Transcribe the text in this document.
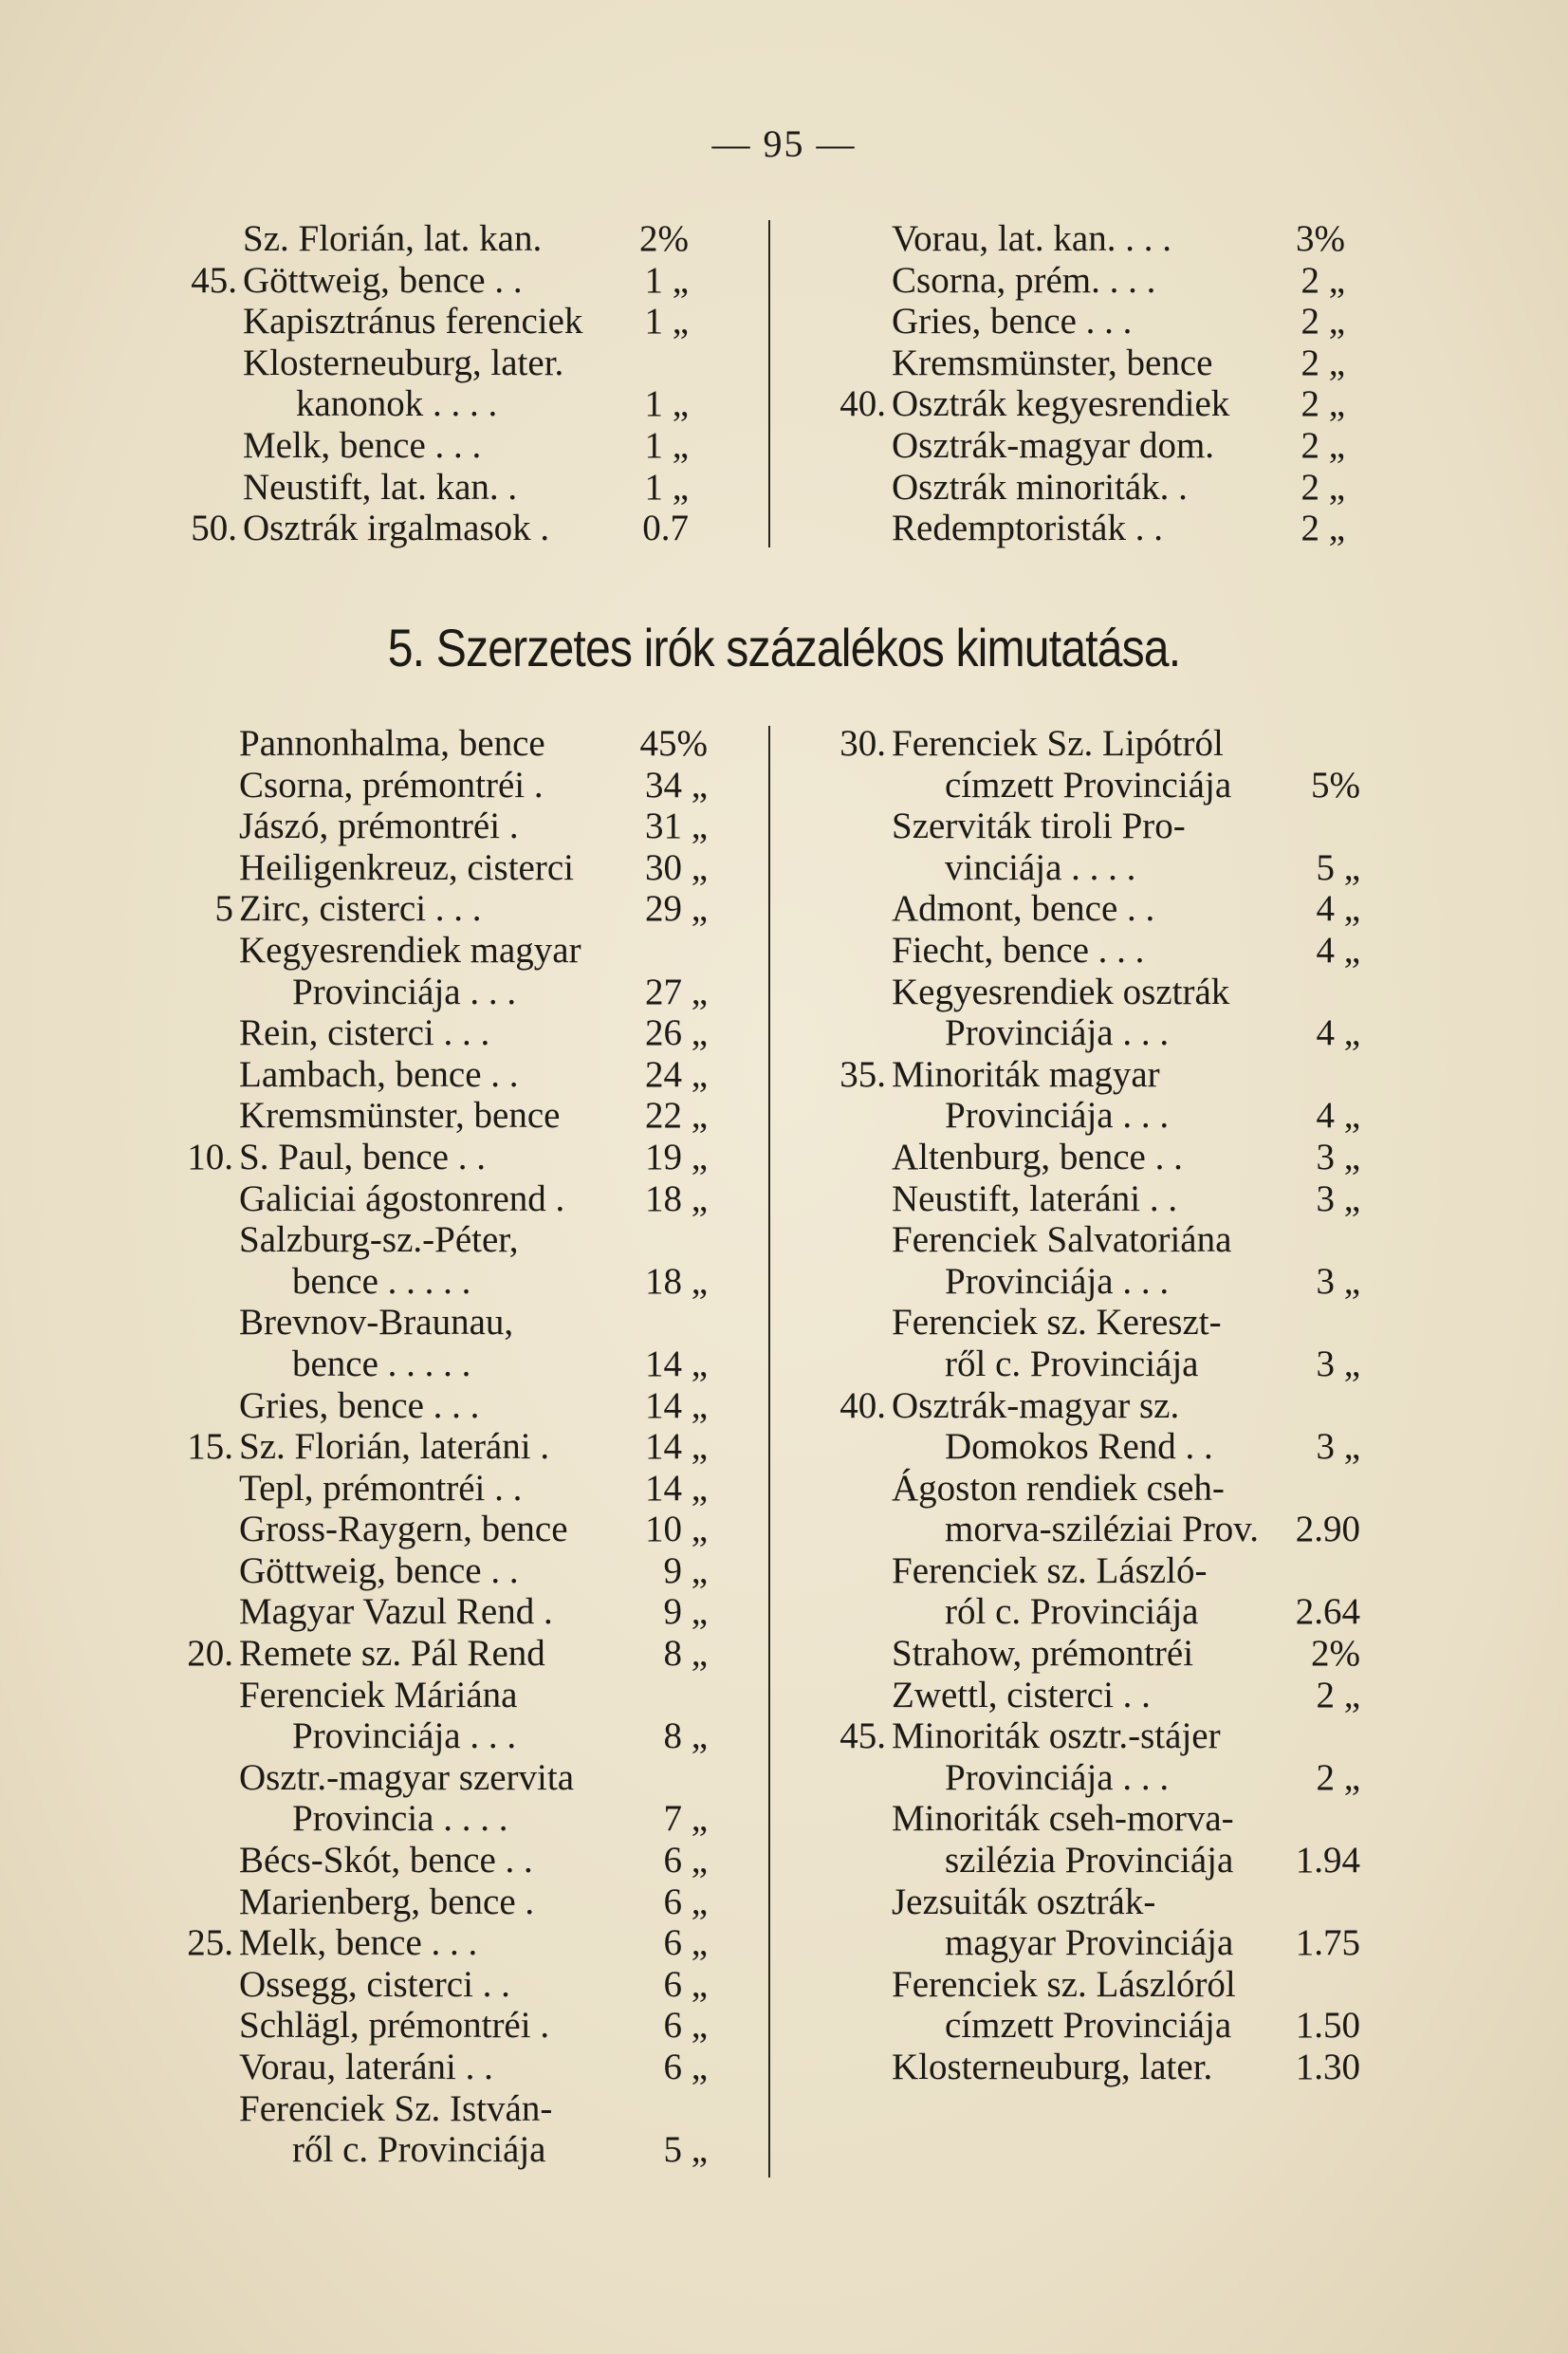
— 95 —
Sz. Florián, lat. kan.	2%
45. Göttweig, bence . .	1 „
Kapisztránus ferenciek 1 „
Klosterneuburg, later.
kanonok . . . .	1 „
Melk, bence . . .	1 „
Neustift, lat. kan. .	1 „
50. Osztrák irgalmasok .	0.7
Vorau, lat. kan. . . .	3%
Csorna, prém. . . .	2 „
Gries, bence . . .	2 „
Kremsmünster, bence 2 „
40. Osztrák kegyesrendiek 2 „
Osztrák-magyar dom. 2 „
Osztrák minoriták. .	2 „
Redemptoristák . .	2 „
5. Szerzetes irók százalékos kimutatása.
Pannonhalma, bence	45%
Csorna, prémontréi .	34 „
Jászó, prémontréi .	31 „
Heiligenkreuz, cisterci 30 „
5 Zirc, cisterci . . .	29 „
Kegyesrendiek magyar
Provinciája . . .	27 „
Rein, cisterci . . .	26 „
Lambach, bence . .	24 „
Kremsmünster, bence 22 „
10. S. Paul, bence . .	19 „
Galiciai ágostonrend . 18 „
Salzburg-sz.-Péter,
bence . . . . .	18 „
Brevnov-Braunau,
bence . . . . .	14 „
Gries, bence . . .	14 „
15. Sz. Florián, lateráni .	14 „
Tepl, prémontréi . .	14 „
Gross-Raygern, bence 10 „
Göttweig, bence . .	9 „
Magyar Vazul Rend .	9 „
20. Remete sz. Pál Rend	8 „
Ferenciek Máriána
Provinciája . . .	8 „
Osztr.-magyar szervita
Provincia . . . .	7 „
Bécs-Skót, bence . .	6 „
Marienberg, bence .	6 „
25. Melk, bence . . .	6 „
Ossegg, cisterci . .	6 „
Schlägl, prémontréi .	6 „
Vorau, lateráni . .	6 „
Ferenciek Sz. István-
ről c. Provinciája	5 „
30. Ferenciek Sz. Lipótról
címzett Provinciája 5%
Szerviták tiroli Pro-
vinciája . . . .	5 „
Admont, bence . .	4 „
Fiecht, bence . . .	4 „
Kegyesrendiek osztrák
Provinciája . . .	4 „
35. Minoriták magyar
Provinciája . . .	4 „
Altenburg, bence . .	3 „
Neustift, lateráni . .	3 „
Ferenciek Salvatoriána
Provinciája . . .	3 „
Ferenciek sz. Kereszt-
ről c. Provinciája	3 „
40. Osztrák-magyar sz.
Domokos Rend . .	3 „
Ágoston rendiek cseh-
morva-sziléziai Prov. 2.90
Ferenciek sz. László-
ról c. Provinciája	2.64
Strahow, prémontréi	2%
Zwettl, cisterci . .	2 „
45. Minoriták osztr.-stájer
Provinciája . . .	2 „
Minoriták cseh-morva-
szilézia Provinciája 1.94
Jezsuiták osztrák-
magyar Provinciája 1.75
Ferenciek sz. Lászlóról
címzett Provinciája 1.50
Klosterneuburg, later. 1.30
